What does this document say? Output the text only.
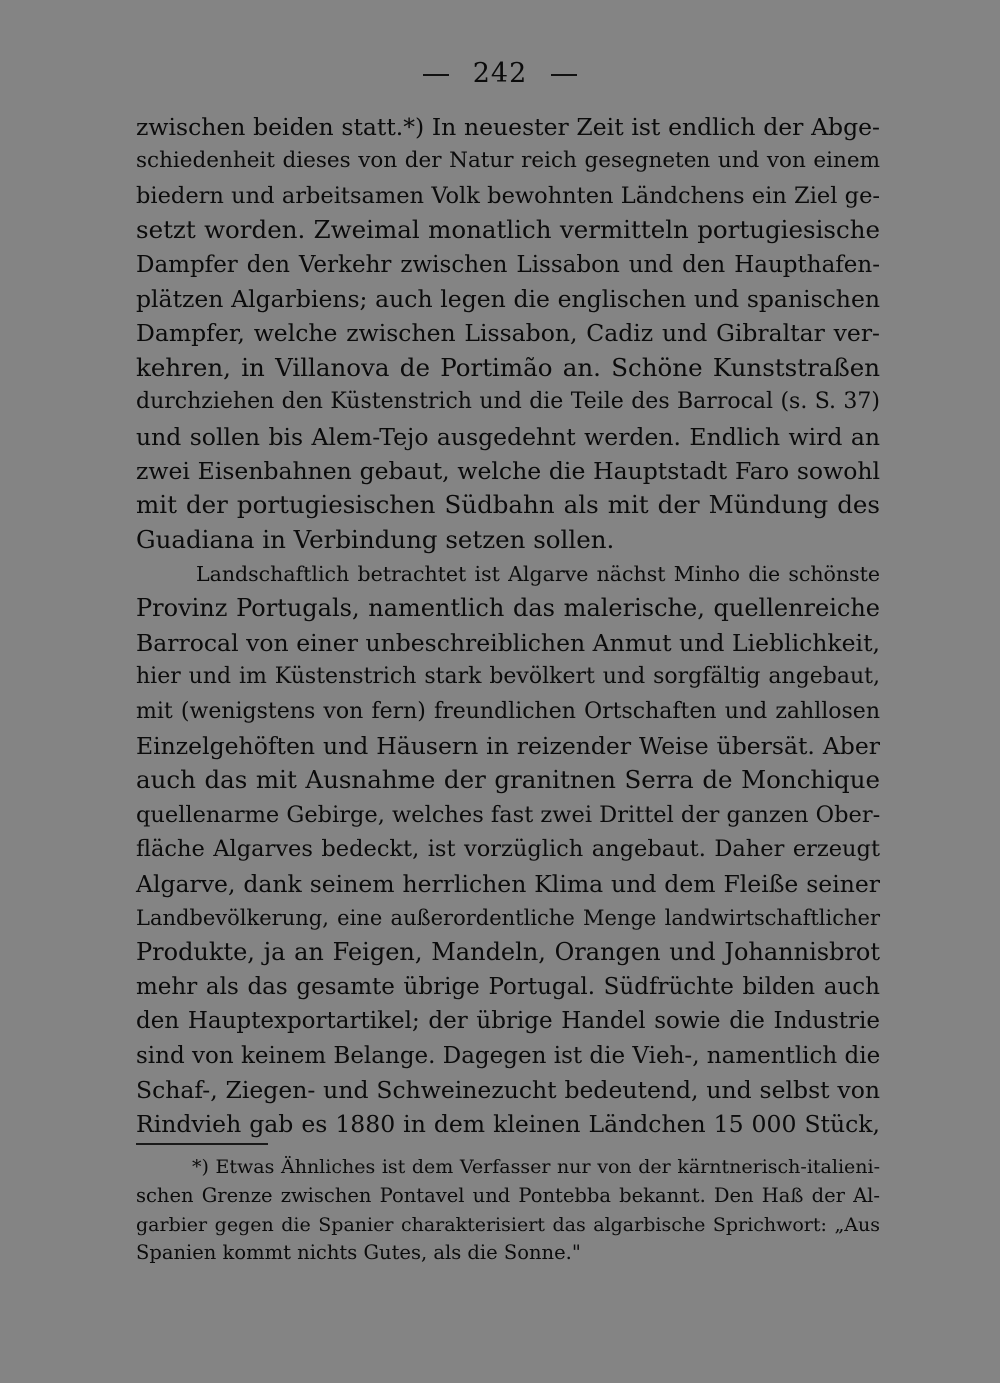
242
zwischen beiden statt.*) In neuester Zeit ist endlich der Abge-
schiedenheit dieses von der Natur reich gesegneten und von einem
biedern und arbeitsamen Volk bewohnten Ländchens ein Ziel ge-
setzt worden. Zweimal monatlich vermitteln portugiesische
Dampfer den Verkehr zwischen Lissabon und den Haupthafen-
plätzen Algarbiens; auch legen die englischen und spanischen
Dampfer, welche zwischen Lissabon, Cadiz und Gibraltar ver-
kehren, in Villanova de Portimão an. Schöne Kunststraßen
durchziehen den Küstenstrich und die Teile des Barrocal (s. S. 37)
und sollen bis Alem-Tejo ausgedehnt werden. Endlich wird an
zwei Eisenbahnen gebaut, welche die Hauptstadt Faro sowohl
mit der portugiesischen Südbahn als mit der Mündung des
Guadiana in Verbindung setzen sollen.
Landschaftlich betrachtet ist Algarve nächst Minho die schönste
Provinz Portugals, namentlich das malerische, quellenreiche
Barrocal von einer unbeschreiblichen Anmut und Lieblichkeit,
hier und im Küstenstrich stark bevölkert und sorgfältig angebaut,
mit (wenigstens von fern) freundlichen Ortschaften und zahllosen
Einzelgehöften und Häusern in reizender Weise übersät. Aber
auch das mit Ausnahme der granitnen Serra de Monchique
quellenarme Gebirge, welches fast zwei Drittel der ganzen Ober-
fläche Algarves bedeckt, ist vorzüglich angebaut. Daher erzeugt
Algarve, dank seinem herrlichen Klima und dem Fleiße seiner
Landbevölkerung, eine außerordentliche Menge landwirtschaftlicher
Produkte, ja an Feigen, Mandeln, Orangen und Johannisbrot
mehr als das gesamte übrige Portugal. Südfrüchte bilden auch
den Hauptexportartikel; der übrige Handel sowie die Industrie
sind von keinem Belange. Dagegen ist die Vieh-, namentlich die
Schaf-, Ziegen- und Schweinezucht bedeutend, und selbst von
Rindvieh gab es 1880 in dem kleinen Ländchen 15 000 Stück,
*) Etwas Ähnliches ist dem Verfasser nur von der kärntnerisch-italieni-
schen Grenze zwischen Pontavel und Pontebba bekannt. Den Haß der Al-
garbier gegen die Spanier charakterisiert das algarbische Sprichwort: „Aus
Spanien kommt nichts Gutes, als die Sonne."
